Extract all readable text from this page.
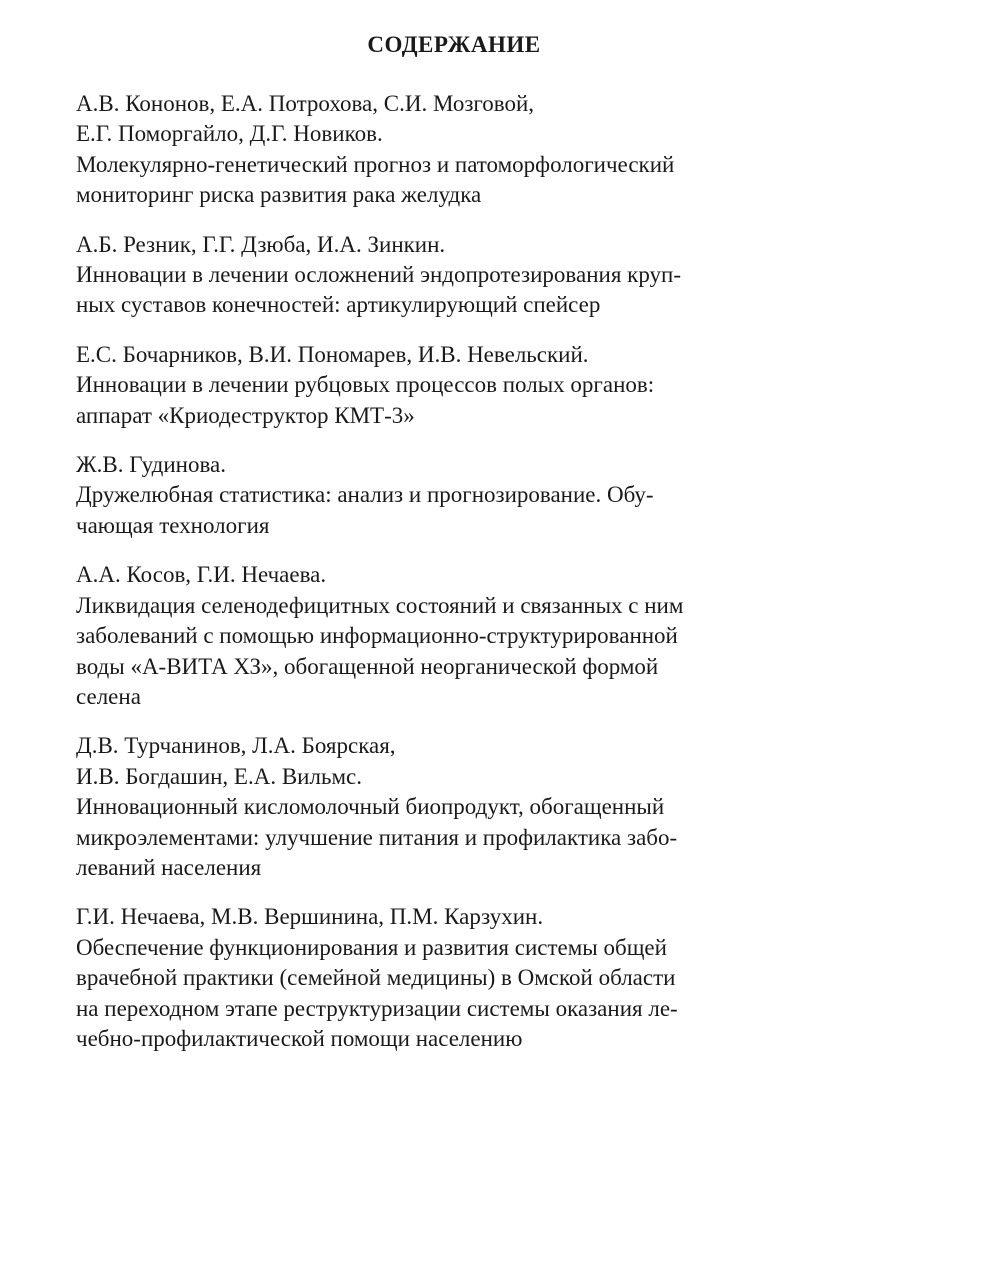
СОДЕРЖАНИЕ
А.В. Кононов, Е.А. Потрохова, С.И. Мозговой,
Е.Г. Поморгайло, Д.Г. Новиков.
Молекулярно-генетический прогноз и патоморфологический
мониторинг риска развития рака желудка
А.Б. Резник, Г.Г. Дзюба, И.А. Зинкин.
Инновации в лечении осложнений эндопротезирования круп-
ных суставов конечностей: артикулирующий спейсер
Е.С. Бочарников, В.И. Пономарев, И.В. Невельский.
Инновации в лечении рубцовых процессов полых органов:
аппарат «Криодеструктор КМТ-3»
Ж.В. Гудинова.
Дружелюбная статистика: анализ и прогнозирование. Обу-
чающая технология
А.А. Косов, Г.И. Нечаева.
Ликвидация селенодефицитных состояний и связанных с ним
заболеваний с помощью информационно-структурированной
воды «А-ВИТА ХЗ», обогащенной неорганической формой
селена
Д.В. Турчанинов, Л.А. Боярская,
И.В. Богдашин, Е.А. Вильмс.
Инновационный кисломолочный биопродукт, обогащенный
микроэлементами: улучшение питания и профилактика забо-
леваний населения
Г.И. Нечаева, М.В. Вершинина, П.М. Карзухин.
Обеспечение функционирования и развития системы общей
врачебной практики (семейной медицины) в Омской области
на переходном этапе реструктуризации системы оказания ле-
чебно-профилактической помощи населению
